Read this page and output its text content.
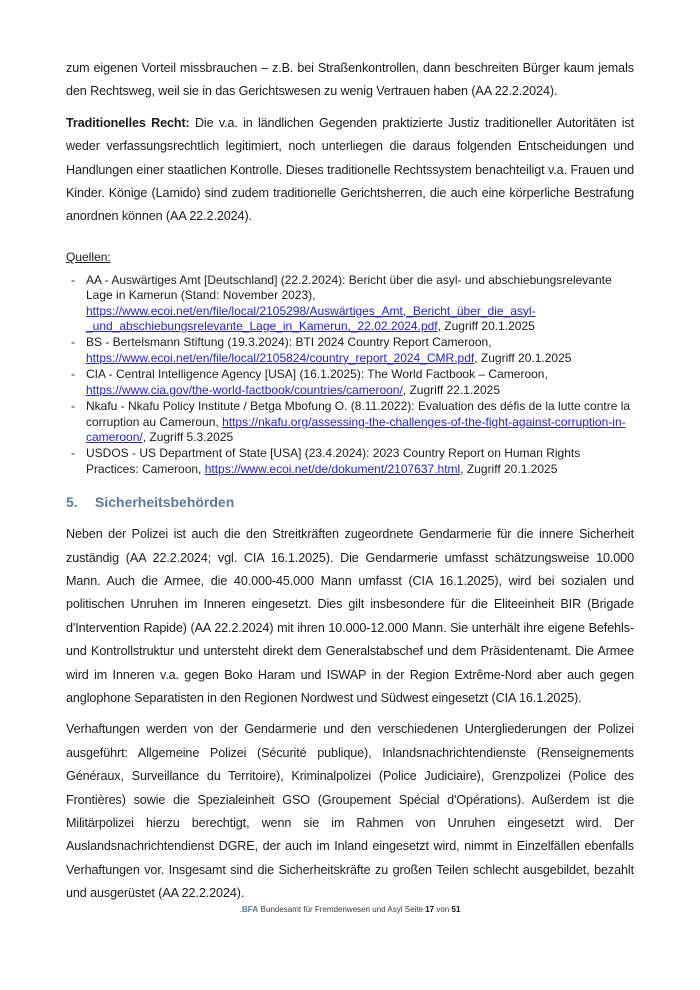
zum eigenen Vorteil missbrauchen – z.B. bei Straßenkontrollen, dann beschreiten Bürger kaum jemals den Rechtsweg, weil sie in das Gerichtswesen zu wenig Vertrauen haben (AA 22.2.2024).

Traditionelles Recht: Die v.a. in ländlichen Gegenden praktizierte Justiz traditioneller Autoritäten ist weder verfassungsrechtlich legitimiert, noch unterliegen die daraus folgenden Entscheidungen und Handlungen einer staatlichen Kontrolle. Dieses traditionelle Rechtssystem benachteiligt v.a. Frauen und Kinder. Könige (Lamido) sind zudem traditionelle Gerichtsherren, die auch eine körperliche Bestrafung anordnen können (AA 22.2.2024).

Quellen:
- AA - Auswärtiges Amt [Deutschland] (22.2.2024): Bericht über die asyl- und abschiebungsrelevante Lage in Kamerun (Stand: November 2023), https://www.ecoi.net/en/file/local/2105298/Auswärtiges_Amt,_Bericht_über_die_asyl-_und_abschiebungsrelevante_Lage_in_Kamerun,_22.02.2024.pdf, Zugriff 20.1.2025
- BS - Bertelsmann Stiftung (19.3.2024): BTI 2024 Country Report Cameroon, https://www.ecoi.net/en/file/local/2105824/country_report_2024_CMR.pdf, Zugriff 20.1.2025
- CIA - Central Intelligence Agency [USA] (16.1.2025): The World Factbook – Cameroon, https://www.cia.gov/the-world-factbook/countries/cameroon/, Zugriff 22.1.2025
- Nkafu - Nkafu Policy Institute / Betga Mbofung O. (8.11.2022): Evaluation des défis de la lutte contre la corruption au Cameroun, https://nkafu.org/assessing-the-challenges-of-the-fight-against-corruption-in-cameroon/, Zugriff 5.3.2025
- USDOS - US Department of State [USA] (23.4.2024): 2023 Country Report on Human Rights Practices: Cameroon, https://www.ecoi.net/de/dokument/2107637.html, Zugriff 20.1.2025
5. Sicherheitsbehörden

Neben der Polizei ist auch die den Streitkräften zugeordnete Gendarmerie für die innere Sicherheit zuständig (AA 22.2.2024; vgl. CIA 16.1.2025). Die Gendarmerie umfasst schätzungsweise 10.000 Mann. Auch die Armee, die 40.000-45.000 Mann umfasst (CIA 16.1.2025), wird bei sozialen und politischen Unruhen im Inneren eingesetzt. Dies gilt insbesondere für die Eliteeinheit BIR (Brigade d'Intervention Rapide) (AA 22.2.2024) mit ihren 10.000-12.000 Mann. Sie unterhält ihre eigene Befehls- und Kontrollstruktur und untersteht direkt dem Generalstabschef und dem Präsidentenamt. Die Armee wird im Inneren v.a. gegen Boko Haram und ISWAP in der Region Extrême-Nord aber auch gegen anglophone Separatisten in den Regionen Nordwest und Südwest eingesetzt (CIA 16.1.2025).

Verhaftungen werden von der Gendarmerie und den verschiedenen Untergliederungen der Polizei ausgeführt: Allgemeine Polizei (Sécurité publique), Inlandsnachrichtendienste (Renseignements Généraux, Surveillance du Territoire), Kriminalpolizei (Police Judiciaire), Grenzpolizei (Police des Frontières) sowie die Spezialeinheit GSO (Groupement Spécial d'Opérations). Außerdem ist die Militärpolizei hierzu berechtigt, wenn sie im Rahmen von Unruhen eingesetzt wird. Der Auslandsnachrichtendienst DGRE, der auch im Inland eingesetzt wird, nimmt in Einzelfällen ebenfalls Verhaftungen vor. Insgesamt sind die Sicherheitskräfte zu großen Teilen schlecht ausgebildet, bezahlt und ausgerüstet (AA 22.2.2024).

.BFA Bundesamt für Fremdenwesen und Asyl Seite 17 von 51
